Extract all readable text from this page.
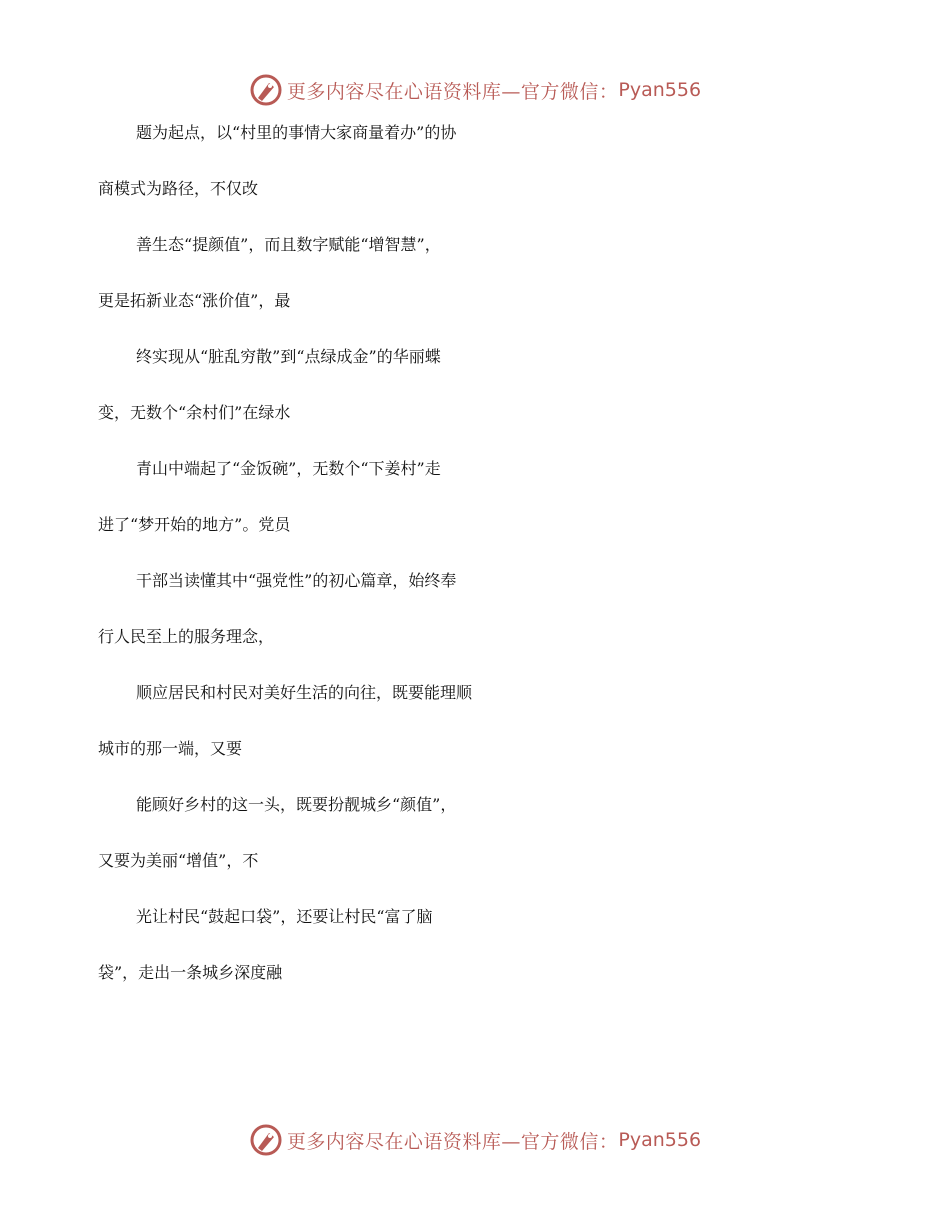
更多内容尽在心语资料库—官方微信： Pyan556
题为起点，以“村里的事情大家商量着办”的协
商模式为路径，不仅改
善生态“提颜值”，而且数字赋能“增智慧”，
更是拓新业态“涨价值”，最
终实现从“脏乱穷散”到“点绿成金”的华丽蝶
变，无数个“余村们”在绿水
青山中端起了“金饭碗”，无数个“下姜村”走
进了“梦开始的地方”。党员
干部当读懂其中“强党性”的初心篇章，始终奉
行人民至上的服务理念，
顺应居民和村民对美好生活的向往，既要能理顺
城市的那一端，又要
能顾好乡村的这一头，既要扮靓城乡“颜值”，
又要为美丽“增值”，不
光让村民“鼓起口袋”，还要让村民“富了脑
袋”，走出一条城乡深度融
更多内容尽在心语资料库—官方微信： Pyan556
